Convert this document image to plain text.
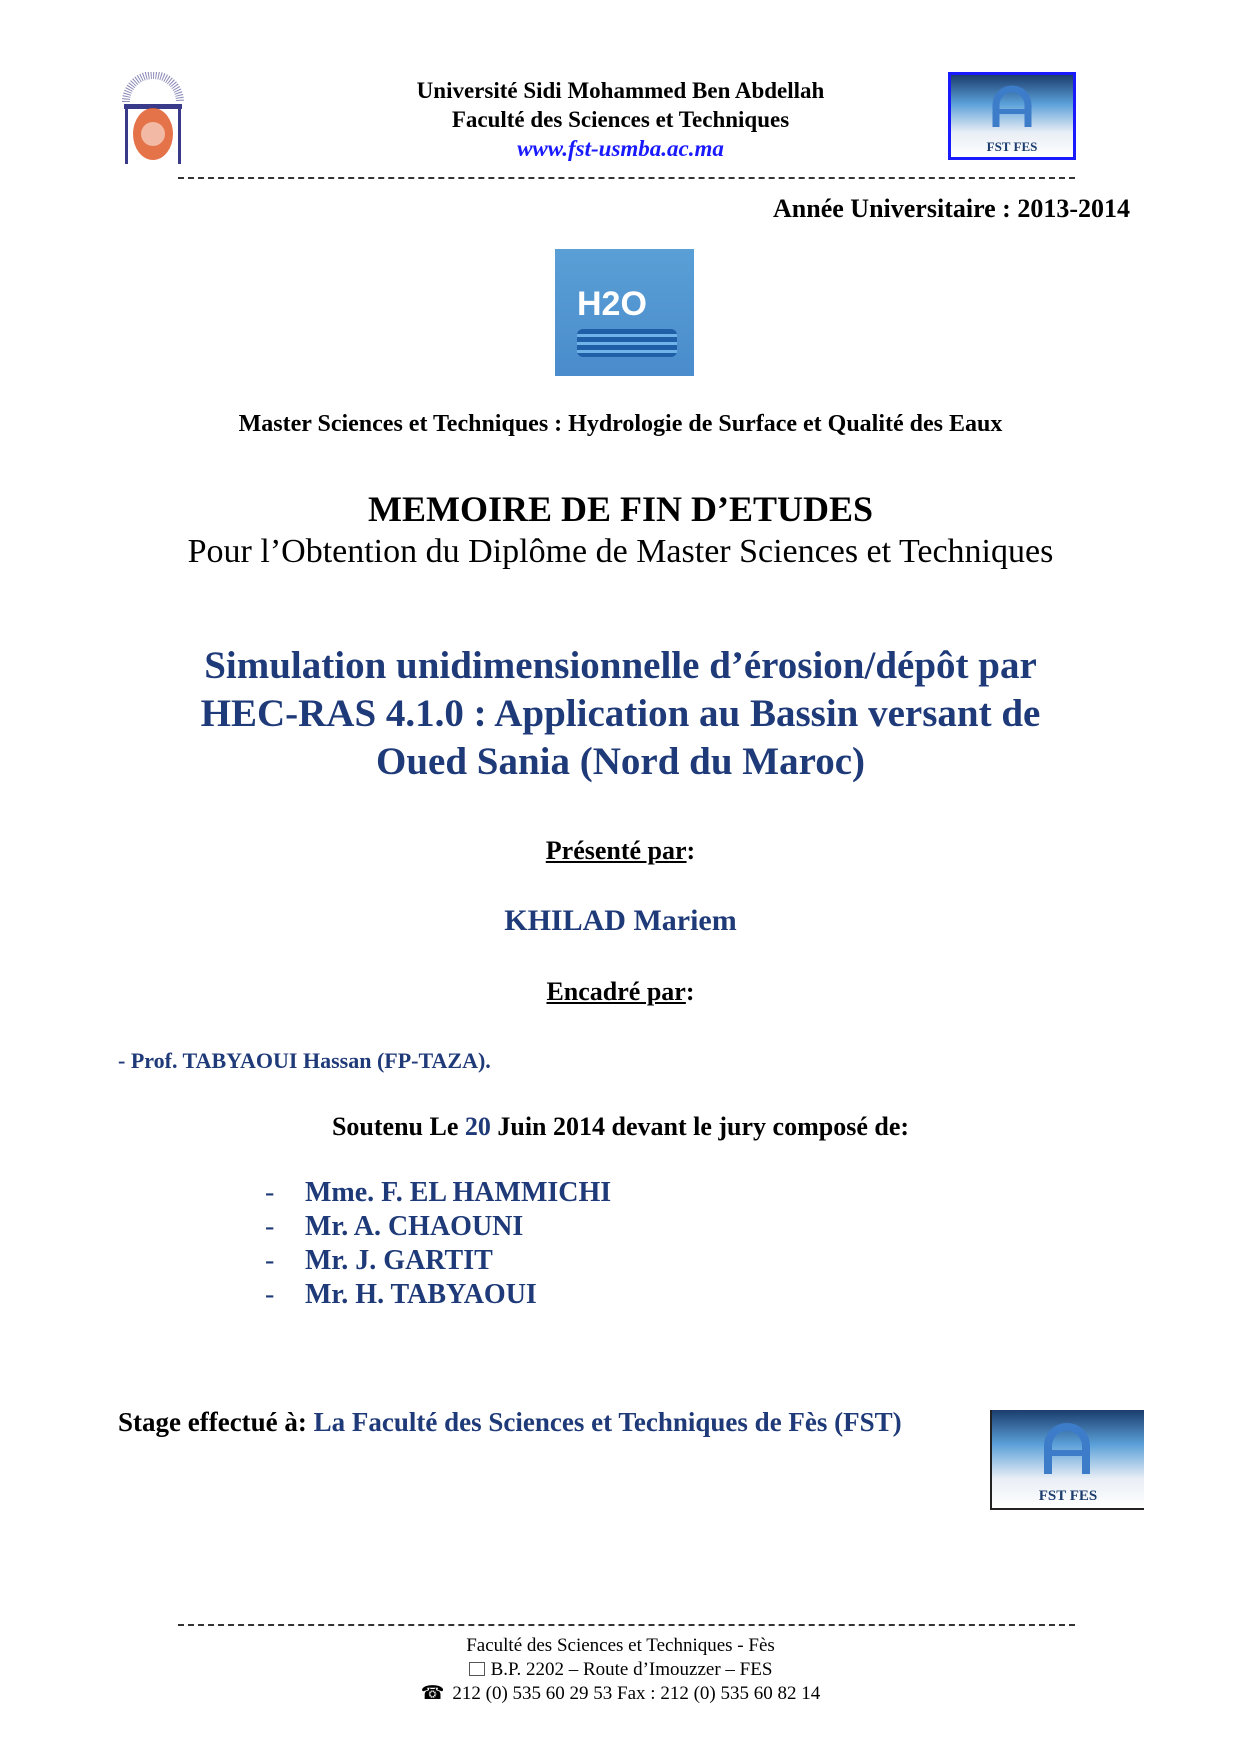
Université Sidi Mohammed Ben Abdellah
Faculté des Sciences et Techniques
www.fst-usmba.ac.ma	FST FES
Année Universitaire : 2013-2014
H2O
Master Sciences et Techniques : Hydrologie de Surface et Qualité des Eaux
MEMOIRE DE FIN D’ETUDES
Pour l’Obtention du Diplôme de Master Sciences et Techniques
Simulation unidimensionnelle d’érosion/dépôt par
HEC-RAS 4.1.0 : Application au Bassin versant de
Oued Sania (Nord du Maroc)
Présenté par:
KHILAD Mariem
Encadré par:
- Prof. TABYAOUI Hassan (FP-TAZA).
Soutenu Le 20 Juin 2014 devant le jury composé de:
- Mme. F. EL HAMMICHI
- Mr. A. CHAOUNI
- Mr. J. GARTIT
- Mr. H. TABYAOUI
Stage effectué à: La Faculté des Sciences et Techniques de Fès (FST)
FST FES
Faculté des Sciences et Techniques - Fès
B.P. 2202 – Route d’Imouzzer – FES
☎ 212 (0) 535 60 29 53 Fax : 212 (0) 535 60 82 14
